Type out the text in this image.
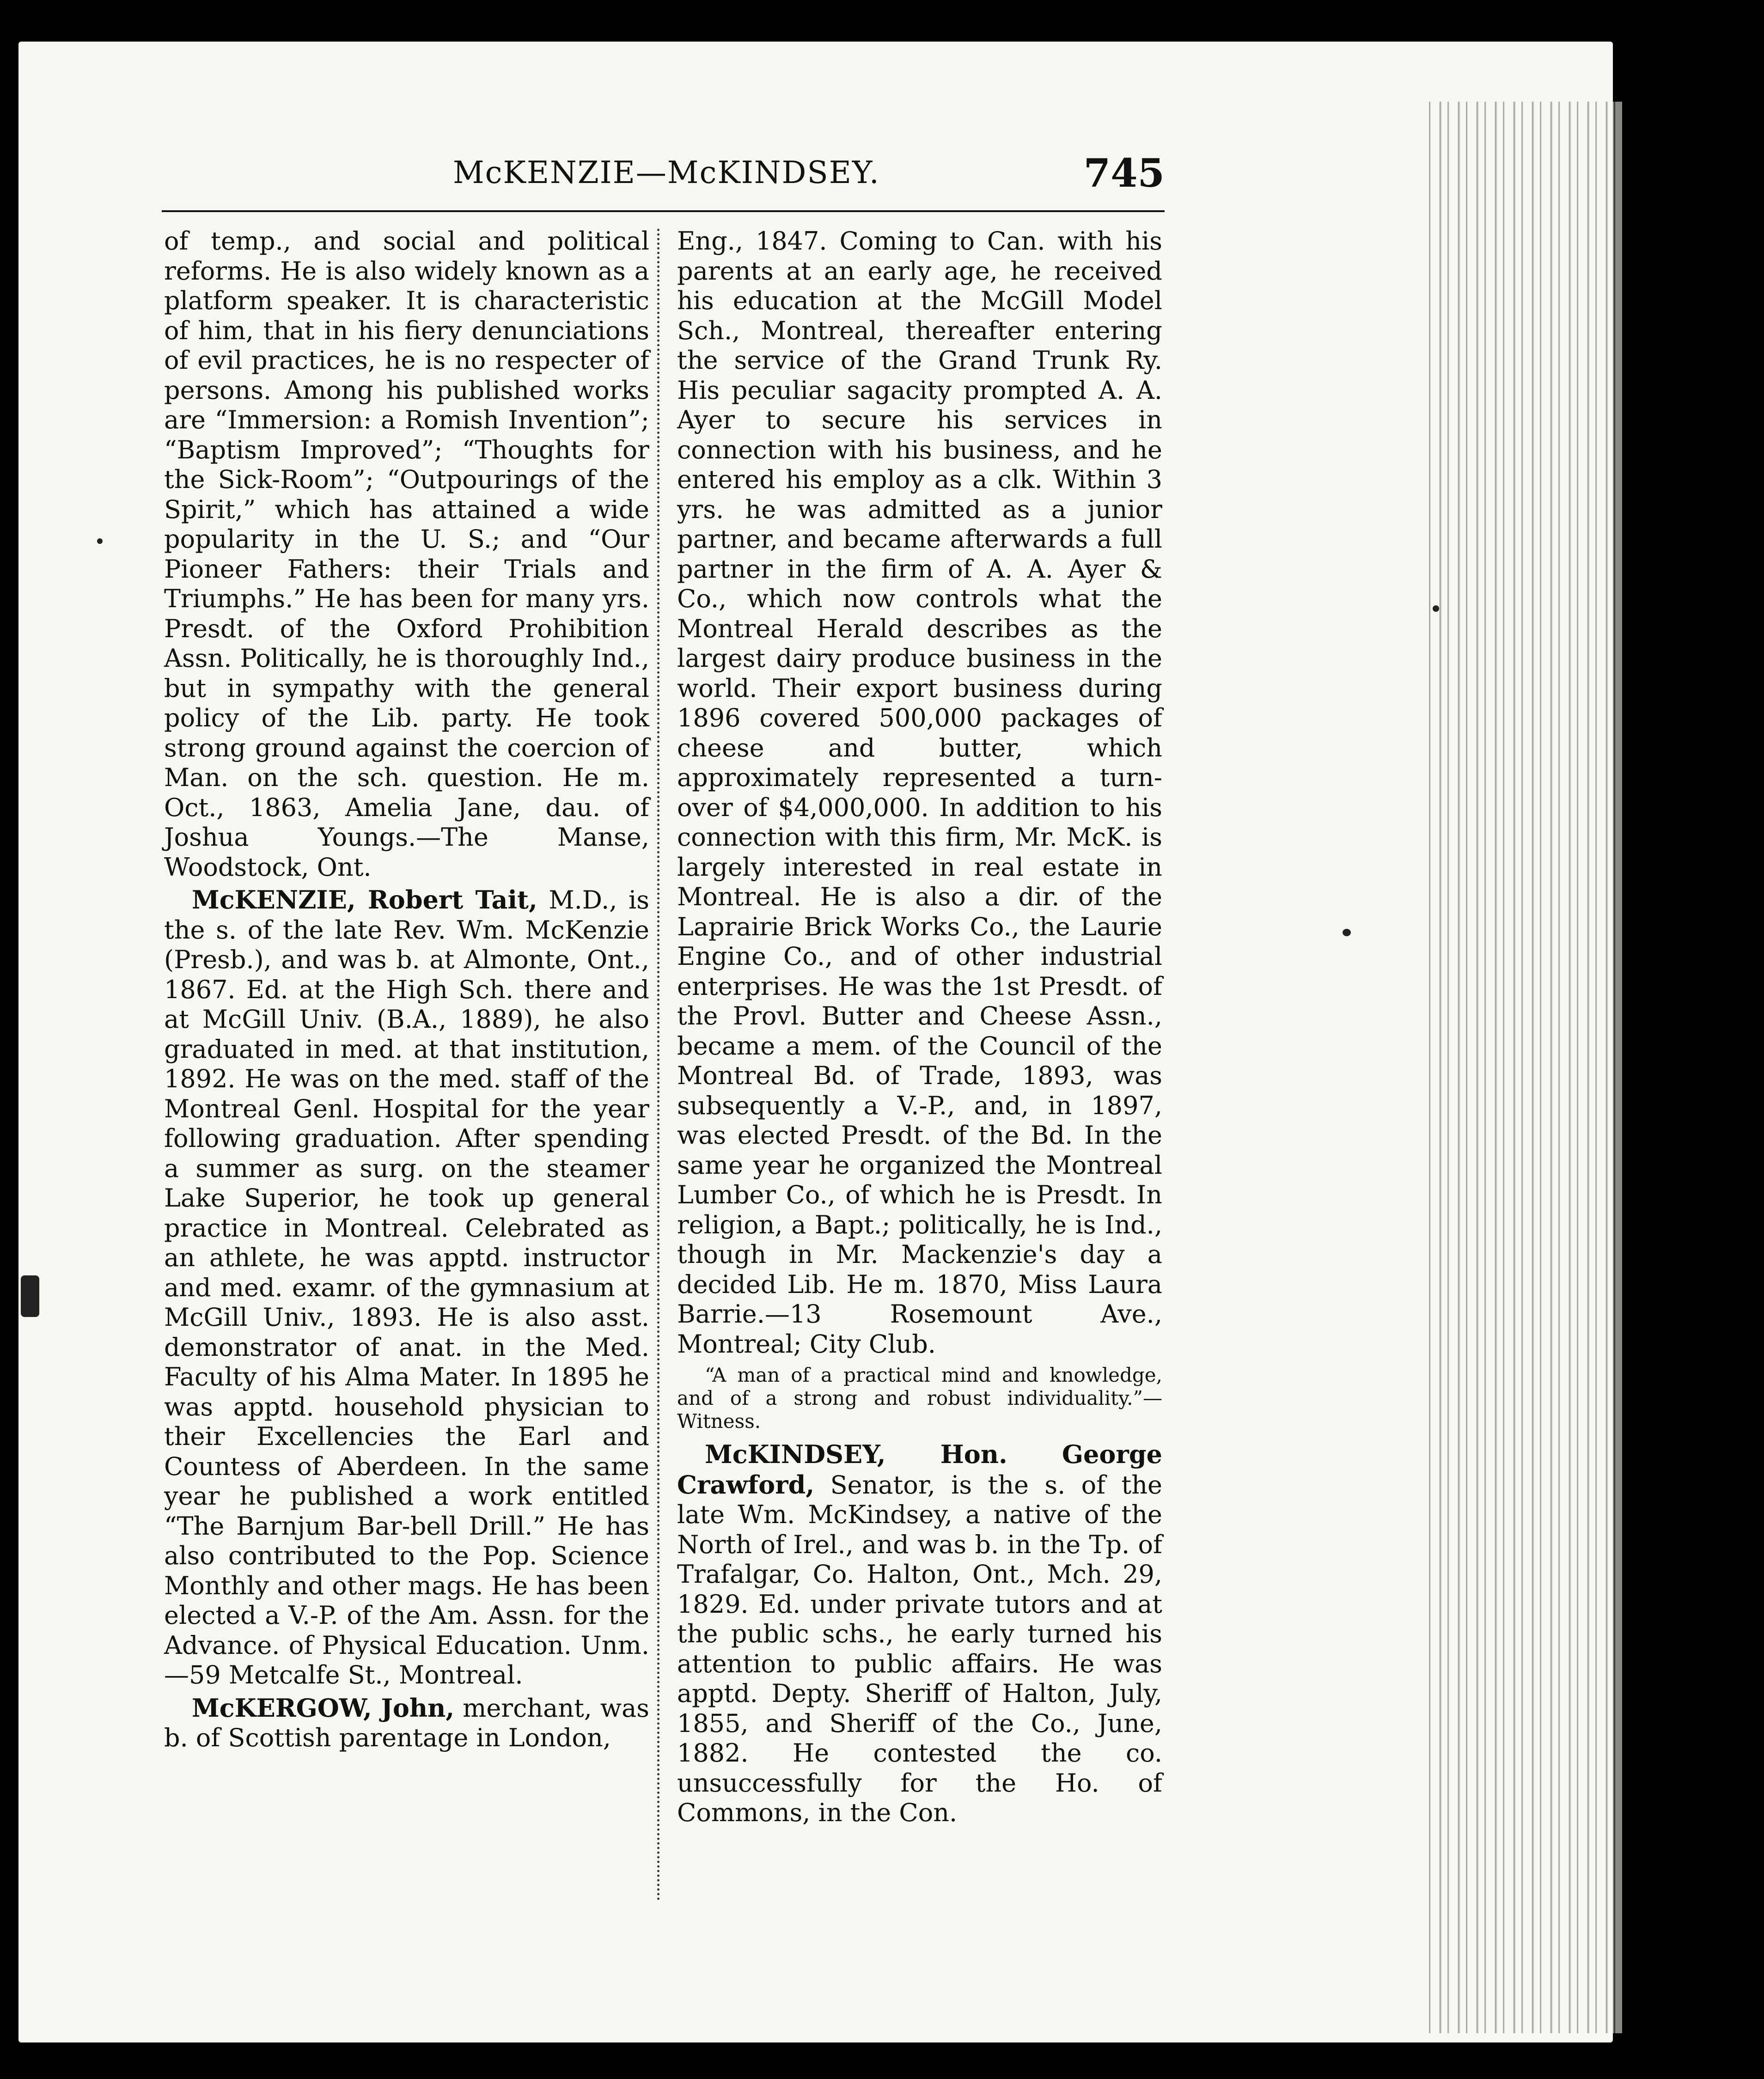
McKENZIE—McKINDSEY.	745

of temp., and social and political reforms. He is also widely known as a platform speaker. It is characteristic of him, that in his fiery denunciations of evil practices, he is no respecter of persons. Among his published works are “Immersion: a Romish Invention”; “Baptism Improved”; “Thoughts for the Sick-Room”; “Outpourings of the Spirit,” which has attained a wide popularity in the U. S.; and “Our Pioneer Fathers: their Trials and Triumphs.” He has been for many yrs. Presdt. of the Oxford Prohibition Assn. Politically, he is thoroughly Ind., but in sympathy with the general policy of the Lib. party. He took strong ground against the coercion of Man. on the sch. question. He m. Oct., 1863, Amelia Jane, dau. of Joshua Youngs.—The Manse, Woodstock, Ont.

McKENZIE, Robert Tait, M.D., is the s. of the late Rev. Wm. McKenzie (Presb.), and was b. at Almonte, Ont., 1867. Ed. at the High Sch. there and at McGill Univ. (B.A., 1889), he also graduated in med. at that institution, 1892. He was on the med. staff of the Montreal Genl. Hospital for the year following graduation. After spending a summer as surg. on the steamer Lake Superior, he took up general practice in Montreal. Celebrated as an athlete, he was apptd. instructor and med. examr. of the gymnasium at McGill Univ., 1893. He is also asst. demonstrator of anat. in the Med. Faculty of his Alma Mater. In 1895 he was apptd. household physician to their Excellencies the Earl and Countess of Aberdeen. In the same year he published a work entitled “The Barnjum Bar-bell Drill.” He has also contributed to the Pop. Science Monthly and other mags. He has been elected a V.-P. of the Am. Assn. for the Advance. of Physical Education. Unm.—59 Metcalfe St., Montreal.

McKERGOW, John, merchant, was b. of Scottish parentage in London,

Eng., 1847. Coming to Can. with his parents at an early age, he received his education at the McGill Model Sch., Montreal, thereafter entering the service of the Grand Trunk Ry. His peculiar sagacity prompted A. A. Ayer to secure his services in connection with his business, and he entered his employ as a clk. Within 3 yrs. he was admitted as a junior partner, and became afterwards a full partner in the firm of A. A. Ayer & Co., which now controls what the Montreal Herald describes as the largest dairy produce business in the world. Their export business during 1896 covered 500,000 packages of cheese and butter, which approximately represented a turn-over of $4,000,000. In addition to his connection with this firm, Mr. McK. is largely interested in real estate in Montreal. He is also a dir. of the Laprairie Brick Works Co., the Laurie Engine Co., and of other industrial enterprises. He was the 1st Presdt. of the Provl. Butter and Cheese Assn., became a mem. of the Council of the Montreal Bd. of Trade, 1893, was subsequently a V.-P., and, in 1897, was elected Presdt. of the Bd. In the same year he organized the Montreal Lumber Co., of which he is Presdt. In religion, a Bapt.; politically, he is Ind., though in Mr. Mackenzie's day a decided Lib. He m. 1870, Miss Laura Barrie.—13 Rosemount Ave., Montreal; City Club.

“A man of a practical mind and knowledge, and of a strong and robust individuality.”—Witness.

McKINDSEY, Hon. George Crawford, Senator, is the s. of the late Wm. McKindsey, a native of the North of Irel., and was b. in the Tp. of Trafalgar, Co. Halton, Ont., Mch. 29, 1829. Ed. under private tutors and at the public schs., he early turned his attention to public affairs. He was apptd. Depty. Sheriff of Halton, July, 1855, and Sheriff of the Co., June, 1882. He contested the co. unsuccessfully for the Ho. of Commons, in the Con.
